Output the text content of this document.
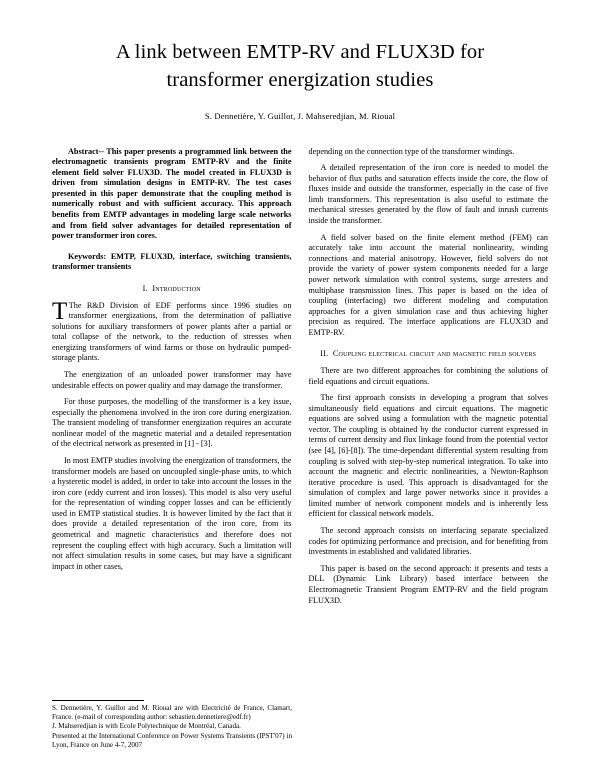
A link between EMTP-RV and FLUX3D for transformer energization studies
S. Dennetière, Y. Guillot, J. Mahseredjian, M. Rioual

Abstract-- This paper presents a programmed link between the electromagnetic transients program EMTP-RV and the finite element field solver FLUX3D. The model created in FLUX3D is driven from simulation designs in EMTP-RV. The test cases presented in this paper demonstrate that the coupling method is numerically robust and with sufficient accuracy. This approach benefits from EMTP advantages in modeling large scale networks and from field solver advantages for detailed representation of power transformer iron cores.

Keywords: EMTP, FLUX3D, interface, switching transients, transformer transients

I. Introduction

T The R&D Division of EDF performs since 1996 studies on transformer energizations, from the determination of palliative solutions for auxiliary transformers of power plants after a partial or total collapse of the network, to the reduction of stresses when energizing transformers of wind farms or those on hydraulic pumped-storage plants.

The energization of an unloaded power transformer may have undesirable effects on power quality and may damage the transformer.

For those purposes, the modelling of the transformer is a key issue, especially the phenomena involved in the iron core during energization. The transient modeling of transformer energization requires an accurate nonlinear model of the magnetic material and a detailed representation of the electrical network as presented in [1] - [3].

In most EMTP studies involving the energization of transformers, the transformer models are based on uncoupled single-phase units, to which a hysteretic model is added, in order to take into account the losses in the iron core (eddy current and iron losses). This model is also very useful for the representation of winding copper losses and can be efficiently used in EMTP statistical studies. It is however limited by the fact that it does provide a detailed representation of the iron core, from its geometrical and magnetic characteristics and therefore does not represent the coupling effect with high accuracy. Such a limitation will not affect simulation results in some cases, but may have a significant impact in other cases,

depending on the connection type of the transformer windings.

A detailed representation of the iron core is needed to model the behavior of flux paths and saturation effects inside the core, the flow of fluxes inside and outside the transformer, especially in the case of five limb transformers. This representation is also useful to estimate the mechanical stresses generated by the flow of fault and inrush currents inside the transformer.

A field solver based on the finite element method (FEM) can accurately take into account the material nonlinearity, winding connections and material anisotropy. However, field solvers do not provide the variety of power system components needed for a large power network simulation with control systems, surge arresters and multiphase transmission lines. This paper is based on the idea of coupling (interfacing) two different modeling and computation approaches for a given simulation case and thus achieving higher precision as required. The interface applications are FLUX3D and EMTP-RV.

II. Coupling electrical circuit and magnetic field solvers

There are two different approaches for combining the solutions of field equations and circuit equations.

The first approach consists in developing a program that solves simultaneously field equations and circuit equations. The magnetic equations are solved using a formulation with the magnetic potential vector. The coupling is obtained by the conductor current expressed in terms of current density and flux linkage found from the potential vector (see [4], [6]-[8]). The time-dependant differential system resulting from coupling is solved with step-by-step numerical integration. To take into account the magnetic and electric nonlinearities, a Newton-Raphson iterative procedure is used. This approach is disadvantaged for the simulation of complex and large power networks since it provides a limited number of network component models and is inherently less efficient for classical network models.

The second approach consists on interfacing separate specialized codes for optimizing performance and precision, and for benefiting from investments in established and validated libraries.

This paper is based on the second approach: it presents and tests a DLL (Dynamic Link Library) based interface between the Electromagnetic Transient Program EMTP-RV and the field program FLUX3D.

S. Dennetière, Y. Guillot and M. Rioual are with Electricité de France, Clamart, France. (e-mail of corresponding author: sebastien.dennetiere@edf.fr)

J. Mahseredjian is with Ecole Polytechnique de Montréal, Canada.

Presented at the International Conference on Power Systems Transients (IPST'07) in Lyon, France on June 4-7, 2007
